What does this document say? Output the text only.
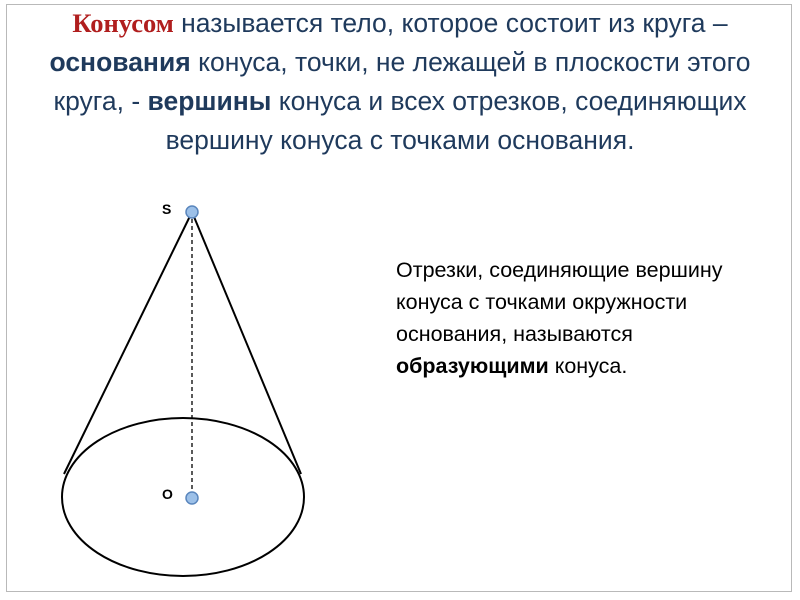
Конусом называется тело, которое состоит из круга – основания конуса, точки, не лежащей в плоскости этого круга, - вершины конуса и всех отрезков, соединяющих вершину конуса с точками основания.

S
O

Отрезки, соединяющие вершину конуса с точками окружности основания, называются образующими конуса.
